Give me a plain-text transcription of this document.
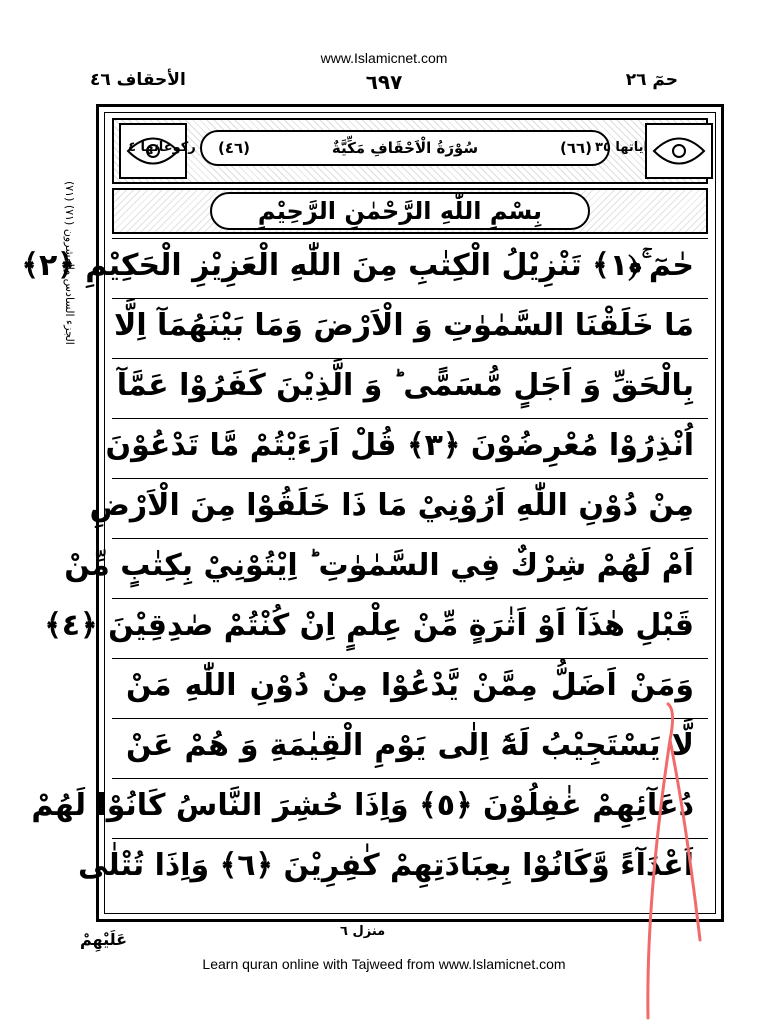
www.Islamicnet.com
الأحقاف ٤٦	٦٩٧	حمٓ ٢٦
(٧١) الجزء السادس والعشرون (٧١)
(٤٦)	سُوْرَةُ الْاَحْقَافِ مَكِّيَّةٌ	(٦٦) اٰياتها ٣٥
ركوعاتها ٤
بِسْمِ اللّٰهِ الرَّحْمٰنِ الرَّحِيْمِ
حٰمٓ ۚ﴿١﴾ تَنْزِيْلُ الْكِتٰبِ مِنَ اللّٰهِ الْعَزِيْزِ الْحَكِيْمِ ﴿٢﴾
مَا خَلَقْنَا السَّمٰوٰتِ وَ الْاَرْضَ وَمَا بَيْنَهُمَآ اِلَّا
بِالْحَقِّ وَ اَجَلٍ مُّسَمًّى ؕ وَ الَّذِيْنَ كَفَرُوْا عَمَّآ
اُنْذِرُوْا مُعْرِضُوْنَ ﴿٣﴾ قُلْ اَرَءَيْتُمْ مَّا تَدْعُوْنَ
مِنْ دُوْنِ اللّٰهِ اَرُوْنِيْ مَا ذَا خَلَقُوْا مِنَ الْاَرْضِ
اَمْ لَهُمْ شِرْكٌ فِي السَّمٰوٰتِ ؕ اِيْتُوْنِيْ بِكِتٰبٍ مِّنْ
قَبْلِ هٰذَآ اَوْ اَثٰرَةٍ مِّنْ عِلْمٍ اِنْ كُنْتُمْ صٰدِقِيْنَ ﴿٤﴾
وَمَنْ اَضَلُّ مِمَّنْ يَّدْعُوْا مِنْ دُوْنِ اللّٰهِ مَنْ
لَّا يَسْتَجِيْبُ لَهٗٓ اِلٰى يَوْمِ الْقِيٰمَةِ وَ هُمْ عَنْ
دُعَآئِهِمْ غٰفِلُوْنَ ﴿٥﴾ وَاِذَا حُشِرَ النَّاسُ كَانُوْا لَهُمْ
اَعْدَآءً وَّكَانُوْا بِعِبَادَتِهِمْ كٰفِرِيْنَ ﴿٦﴾ وَاِذَا تُتْلٰى
عَلَيْهِمْ	منزل ٦
Learn quran online with Tajweed from www.Islamicnet.com
